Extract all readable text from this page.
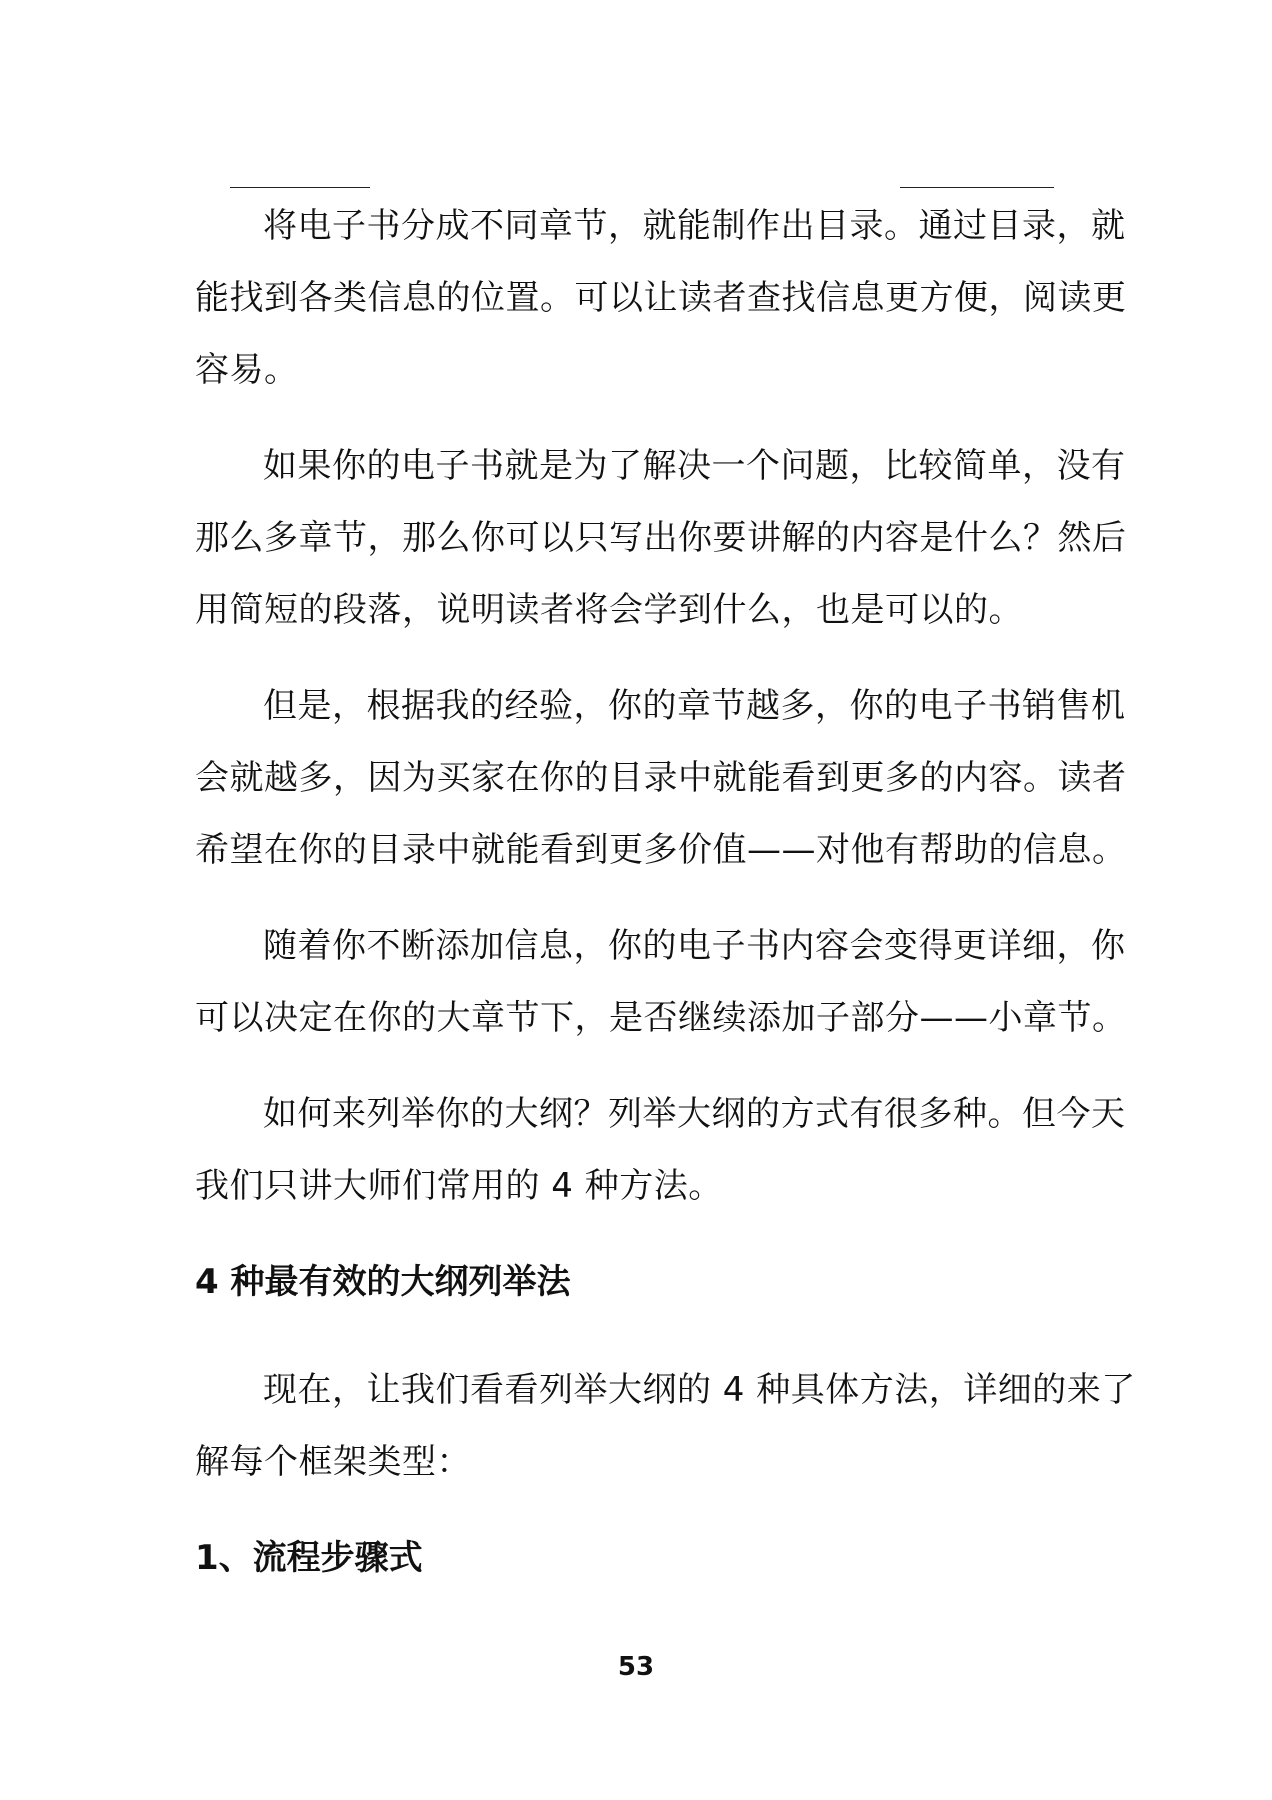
将电子书分成不同章节，就能制作出目录。通过目录，就
能找到各类信息的位置。可以让读者查找信息更方便，阅读更
容易。
如果你的电子书就是为了解决一个问题，比较简单，没有
那么多章节，那么你可以只写出你要讲解的内容是什么？然后
用简短的段落，说明读者将会学到什么，也是可以的。
但是，根据我的经验，你的章节越多，你的电子书销售机
会就越多，因为买家在你的目录中就能看到更多的内容。读者
希望在你的目录中就能看到更多价值——对他有帮助的信息。
随着你不断添加信息，你的电子书内容会变得更详细，你
可以决定在你的大章节下，是否继续添加子部分——小章节。
如何来列举你的大纲？列举大纲的方式有很多种。但今天
我们只讲大师们常用的 4 种方法。
4 种最有效的大纲列举法
现在，让我们看看列举大纲的 4 种具体方法，详细的来了
解每个框架类型：
1、流程步骤式
53
